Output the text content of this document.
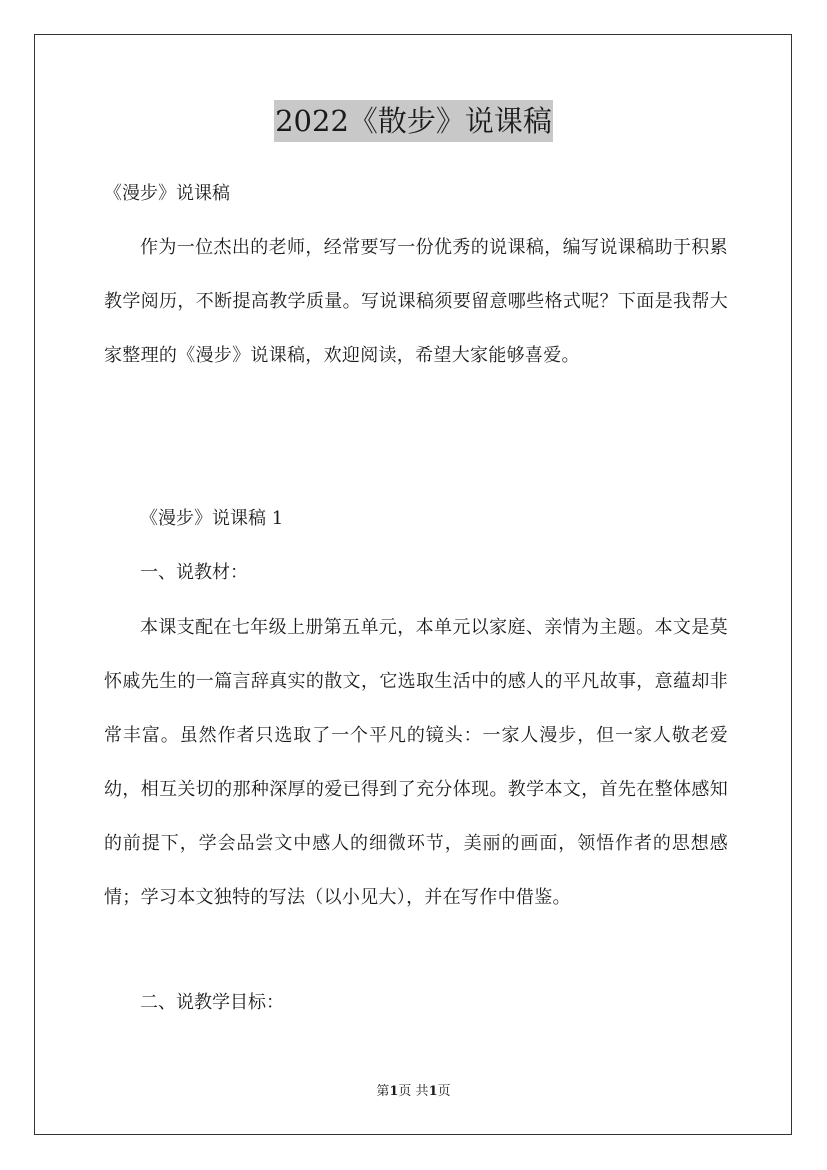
2022《散步》说课稿
《漫步》说课稿

作为一位杰出的老师，经常要写一份优秀的说课稿，编写说课稿助于积累教学阅历，不断提高教学质量。写说课稿须要留意哪些格式呢？下面是我帮大家整理的《漫步》说课稿，欢迎阅读，希望大家能够喜爱。

《漫步》说课稿 1

一、说教材：

本课支配在七年级上册第五单元，本单元以家庭、亲情为主题。本文是莫怀戚先生的一篇言辞真实的散文，它选取生活中的感人的平凡故事，意蕴却非常丰富。虽然作者只选取了一个平凡的镜头：一家人漫步，但一家人敬老爱幼，相互关切的那种深厚的爱已得到了充分体现。教学本文，首先在整体感知的前提下，学会品尝文中感人的细微环节，美丽的画面，领悟作者的思想感情；学习本文独特的写法（以小见大），并在写作中借鉴。

二、说教学目标：

第1页 共1页
